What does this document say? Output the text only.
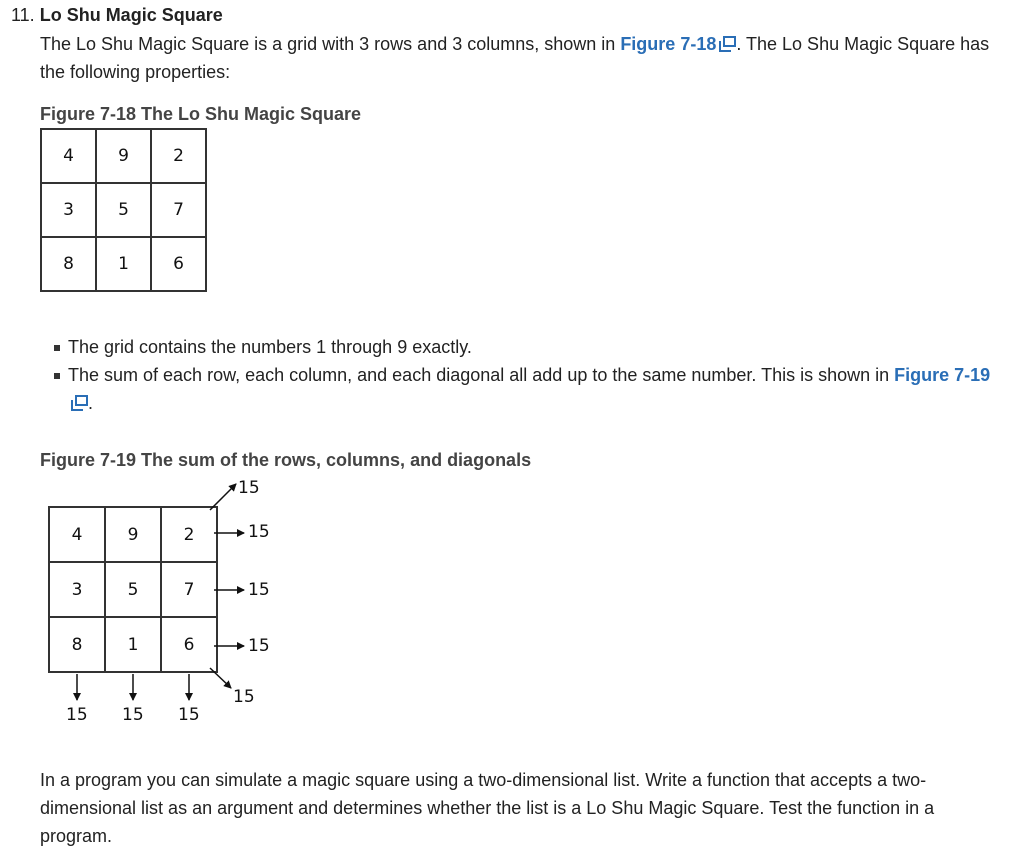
11. Lo Shu Magic Square
The Lo Shu Magic Square is a grid with 3 rows and 3 columns, shown in Figure 7-18 . The Lo Shu Magic Square has the following properties:
Figure 7-18 The Lo Shu Magic Square
4	9	2
3	5	7
8	1	6
The grid contains the numbers 1 through 9 exactly.
The sum of each row, each column, and each diagonal all add up to the same number. This is shown in Figure 7-19.
Figure 7-19 The sum of the rows, columns, and diagonals
4	9	2
3	5	7
8	1	6
15
15
15
15
15
15 15 15
In a program you can simulate a magic square using a two-dimensional list. Write a function that accepts a two-dimensional list as an argument and determines whether the list is a Lo Shu Magic Square. Test the function in a program.
